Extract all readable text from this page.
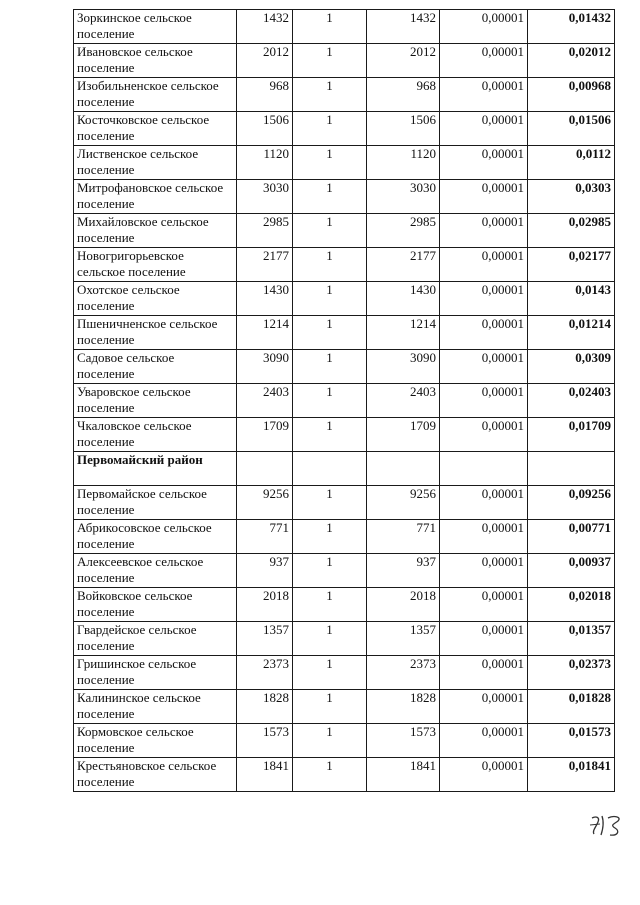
Зоркинское сельское поселение	1432	1	1432	0,00001	0,01432
Ивановское сельское поселение	2012	1	2012	0,00001	0,02012
Изобильненское сельское поселение	968	1	968	0,00001	0,00968
Косточковское сельское поселение	1506	1	1506	0,00001	0,01506
Лиственское сельское поселение	1120	1	1120	0,00001	0,0112
Митрофановское сельское поселение	3030	1	3030	0,00001	0,0303
Михайловское сельское поселение	2985	1	2985	0,00001	0,02985
Новогригорьевское сельское поселение	2177	1	2177	0,00001	0,02177
Охотское сельское поселение	1430	1	1430	0,00001	0,0143
Пшеничненское сельское поселение	1214	1	1214	0,00001	0,01214
Садовое сельское поселение	3090	1	3090	0,00001	0,0309
Уваровское сельское поселение	2403	1	2403	0,00001	0,02403
Чкаловское сельское поселение	1709	1	1709	0,00001	0,01709
Первомайский район					
Первомайское сельское поселение	9256	1	9256	0,00001	0,09256
Абрикосовское сельское поселение	771	1	771	0,00001	0,00771
Алексеевское сельское поселение	937	1	937	0,00001	0,00937
Войковское сельское поселение	2018	1	2018	0,00001	0,02018
Гвардейское сельское поселение	1357	1	1357	0,00001	0,01357
Гришинское сельское поселение	2373	1	2373	0,00001	0,02373
Калининское сельское поселение	1828	1	1828	0,00001	0,01828
Кормовское сельское поселение	1573	1	1573	0,00001	0,01573
Крестьяновское сельское поселение	1841	1	1841	0,00001	0,01841
